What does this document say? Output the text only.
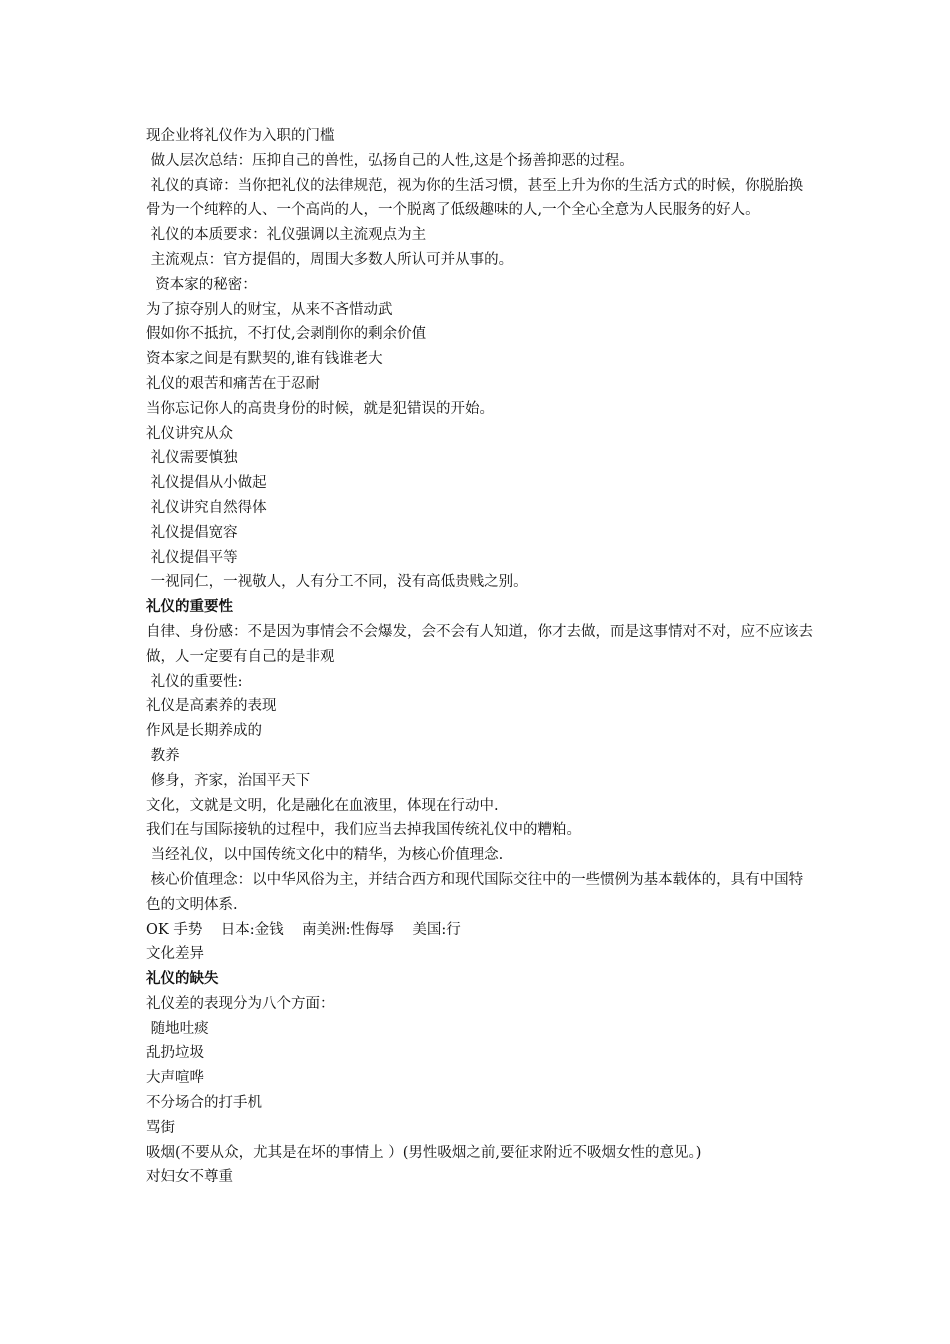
现企业将礼仪作为入职的门槛

做人层次总结：压抑自己的兽性，弘扬自己的人性,这是个扬善抑恶的过程。

礼仪的真谛：当你把礼仪的法律规范，视为你的生活习惯，甚至上升为你的生活方式的时候，你脱胎换骨为一个纯粹的人、一个高尚的人，一个脱离了低级趣味的人,一个全心全意为人民服务的好人。

礼仪的本质要求：礼仪强调以主流观点为主

主流观点：官方提倡的，周围大多数人所认可并从事的。

资本家的秘密：

为了掠夺别人的财宝，从来不吝惜动武

假如你不抵抗，不打仗,会剥削你的剩余价值

资本家之间是有默契的,谁有钱谁老大

礼仪的艰苦和痛苦在于忍耐

当你忘记你人的高贵身份的时候，就是犯错误的开始。

礼仪讲究从众

礼仪需要慎独

礼仪提倡从小做起

礼仪讲究自然得体

礼仪提倡宽容

礼仪提倡平等

一视同仁，一视敬人，人有分工不同，没有高低贵贱之别。

礼仪的重要性

自律、身份感：不是因为事情会不会爆发，会不会有人知道，你才去做，而是这事情对不对，应不应该去做，人一定要有自己的是非观

礼仪的重要性:

礼仪是高素养的表现

作风是长期养成的

教养

修身，齐家，治国平天下

文化，文就是文明，化是融化在血液里，体现在行动中.

我们在与国际接轨的过程中，我们应当去掉我国传统礼仪中的糟粕。

当经礼仪，以中国传统文化中的精华，为核心价值理念.

核心价值理念：以中华风俗为主，并结合西方和现代国际交往中的一些惯例为基本载体的，具有中国特色的文明体系.

OK 手势    日本:金钱    南美洲:性侮辱    美国:行

文化差异

礼仪的缺失

礼仪差的表现分为八个方面：

随地吐痰

乱扔垃圾

大声喧哗

不分场合的打手机

骂街

吸烟(不要从众，尤其是在坏的事情上 ）(男性吸烟之前,要征求附近不吸烟女性的意见。)

对妇女不尊重
